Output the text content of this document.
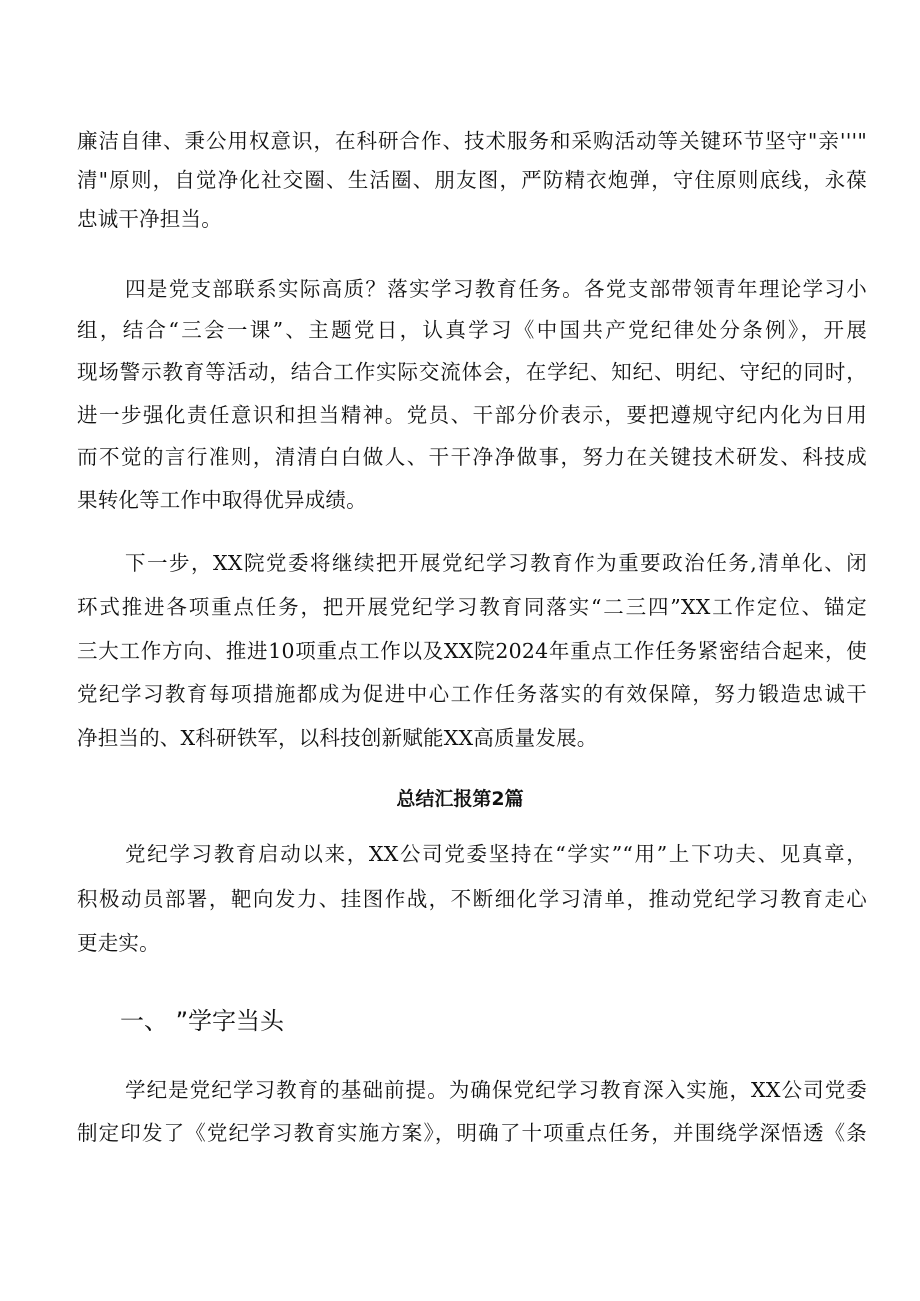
廉洁自律、秉公用权意识，在科研合作、技术服务和采购活动等关键环节坚守"亲'''"
清"原则，自觉净化社交圈、生活圈、朋友图，严防精衣炮弹，守住原则底线，永葆
忠诚干净担当。
四是党支部联系实际高质？落实学习教育任务。各党支部带领青年理论学习小
组，结合“三会一课”、主题党日，认真学习《中国共产党纪律处分条例》，开展
现场警示教育等活动，结合工作实际交流体会，在学纪、知纪、明纪、守纪的同时，
进一步强化责任意识和担当精神。党员、干部分价表示，要把遵规守纪内化为日用
而不觉的言行准则，清清白白做人、干干净净做事，努力在关键技术研发、科技成
果转化等工作中取得优异成绩。
下一步，XX院党委将继续把开展党纪学习教育作为重要政治任务,清单化、闭
环式推进各项重点任务，把开展党纪学习教育同落实“二三四”XX工作定位、锚定
三大工作方向、推进10项重点工作以及XX院2024年重点工作任务紧密结合起来，使
党纪学习教育每项措施都成为促进中心工作任务落实的有效保障，努力锻造忠诚干
净担当的、X科研铁军，以科技创新赋能XX高质量发展。
总结汇报第2篇
党纪学习教育启动以来，XX公司党委坚持在“学实”“用”上下功夫、见真章，
积极动员部署，靶向发力、挂图作战，不断细化学习清单，推动党纪学习教育走心
更走实。
一、 ”学字当头
学纪是党纪学习教育的基础前提。为确保党纪学习教育深入实施，XX公司党委
制定印发了《党纪学习教育实施方案》，明确了十项重点任务，并围绕学深悟透《条
